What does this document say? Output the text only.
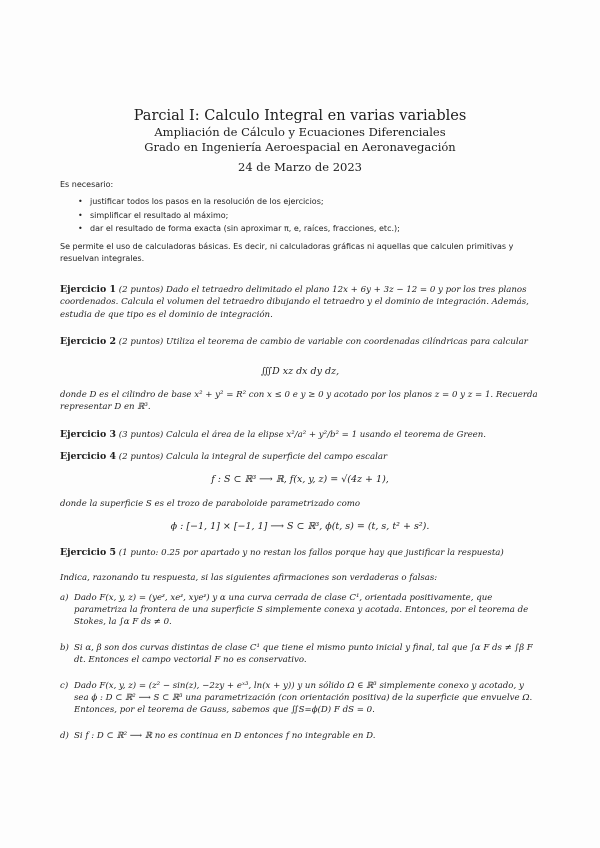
Parcial I: Calculo Integral en varias variables
Ampliación de Cálculo y Ecuaciones Diferenciales
Grado en Ingeniería Aeroespacial en Aeronavegación
24 de Marzo de 2023
Es necesario:
• justificar todos los pasos en la resolución de los ejercicios;
• simplificar el resultado al máximo;
• dar el resultado de forma exacta (sin aproximar π, e, raíces, fracciones, etc.);
Se permite el uso de calculadoras básicas. Es decir, ni calculadoras gráficas ni aquellas que calculen primitivas y resuelvan integrales.
Ejercicio 1 (2 puntos) Dado el tetraedro delimitado el plano 12x + 6y + 3z − 12 = 0 y por los tres planos coordenados. Calcula el volumen del tetraedro dibujando el tetraedro y el dominio de integración. Además, estudia de que tipo es el dominio de integración.
Ejercicio 2 (2 puntos) Utiliza el teorema de cambio de variable con coordenadas cilíndricas para calcular
∭D xz dx dy dz,
donde D es el cilindro de base x² + y² = R² con x ≤ 0 e y ≥ 0 y acotado por los planos z = 0 y z = 1. Recuerda representar D en ℝ³.
Ejercicio 3 (3 puntos) Calcula el área de la elipse x²/a² + y²/b² = 1 usando el teorema de Green.
Ejercicio 4 (2 puntos) Calcula la integral de superficie del campo escalar
f : S ⊂ ℝ³ ⟶ ℝ, f(x, y, z) = √(4z + 1),
donde la superficie S es el trozo de paraboloide parametrizado como
ϕ : [−1, 1] × [−1, 1] ⟶ S ⊂ ℝ³, ϕ(t, s) = (t, s, t² + s²).
Ejercicio 5 (1 punto: 0.25 por apartado y no restan los fallos porque hay que justificar la respuesta)
Indica, razonando tu respuesta, si las siguientes afirmaciones son verdaderas o falsas:
a) Dado F(x, y, z) = (yeᶻ, xeᶻ, xyeᶻ) y α una curva cerrada de clase C¹, orientada positivamente, que parametriza la frontera de una superficie S simplemente conexa y acotada. Entonces, por el teorema de Stokes, la ∫α F ds ≠ 0.
b) Si α, β son dos curvas distintas de clase C¹ que tiene el mismo punto inicial y final, tal que ∫α F ds ≠ ∫β F dt. Entonces el campo vectorial F no es conservativo.
c) Dado F(x, y, z) = (z² − sin(z), −2zy + eˣ³, ln(x + y)) y un sólido Ω ∈ ℝ³ simplemente conexo y acotado, y sea ϕ : D ⊂ ℝ² ⟶ S ⊂ ℝ³ una parametrización (con orientación positiva) de la superficie que envuelve Ω. Entonces, por el teorema de Gauss, sabemos que ∬S=ϕ(D) F dS = 0.
d) Si f : D ⊂ ℝ² ⟶ ℝ no es continua en D entonces f no integrable en D.
